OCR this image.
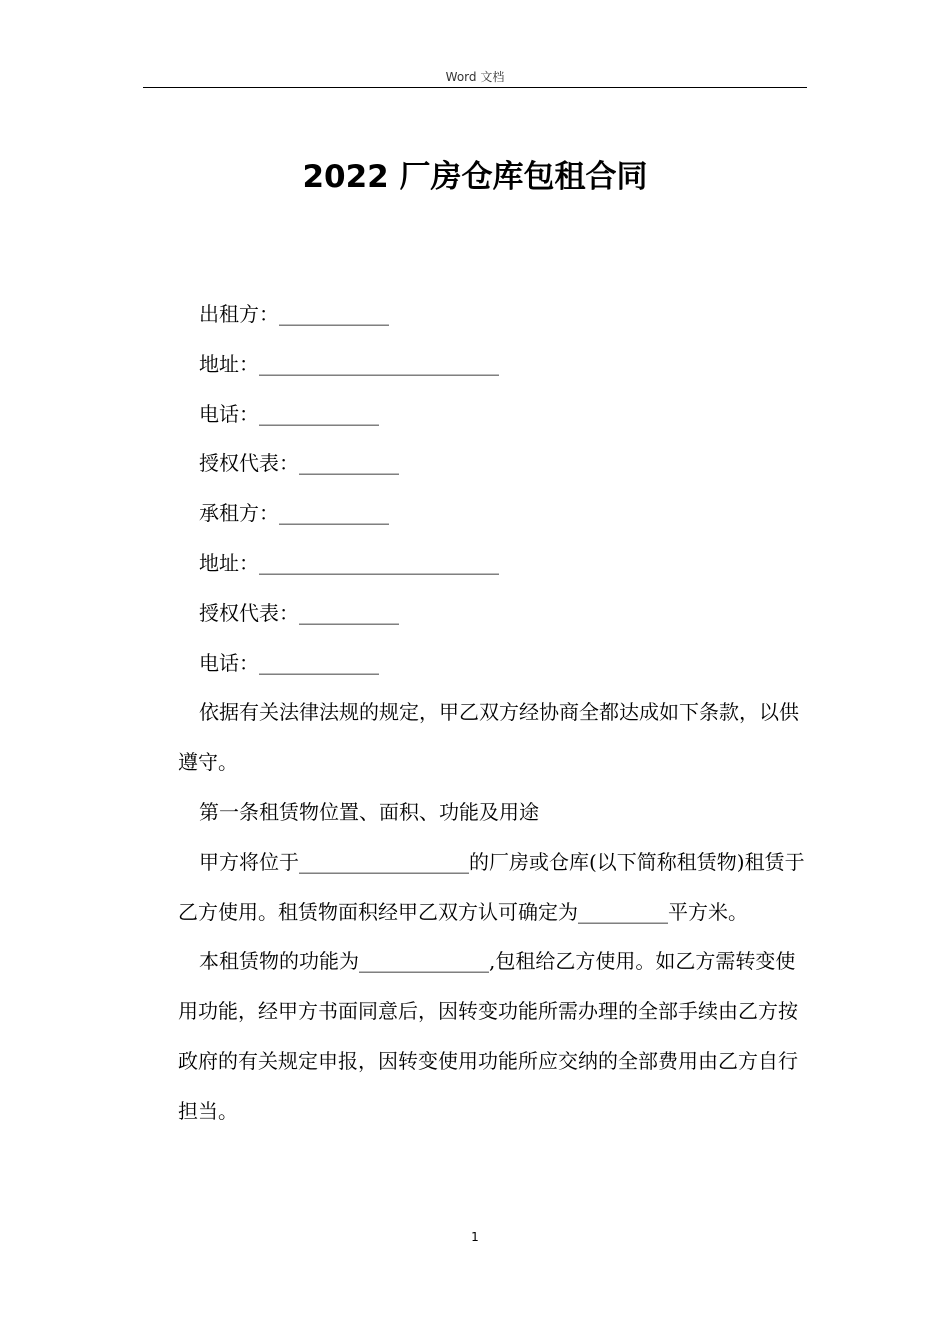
Word 文档
2022 厂房仓库包租合同

出租方：___________

地址：________________________

电话：____________

授权代表：__________

承租方：___________

地址：________________________

授权代表：__________

电话：____________

依据有关法律法规的规定，甲乙双方经协商全都达成如下条款，以供遵守。

第一条租赁物位置、面积、功能及用途

甲方将位于_________________的厂房或仓库(以下简称租赁物)租赁于乙方使用。租赁物面积经甲乙双方认可确定为_________平方米。

本租赁物的功能为_____________,包租给乙方使用。如乙方需转变使用功能，经甲方书面同意后，因转变功能所需办理的全部手续由乙方按政府的有关规定申报，因转变使用功能所应交纳的全部费用由乙方自行担当。

1
